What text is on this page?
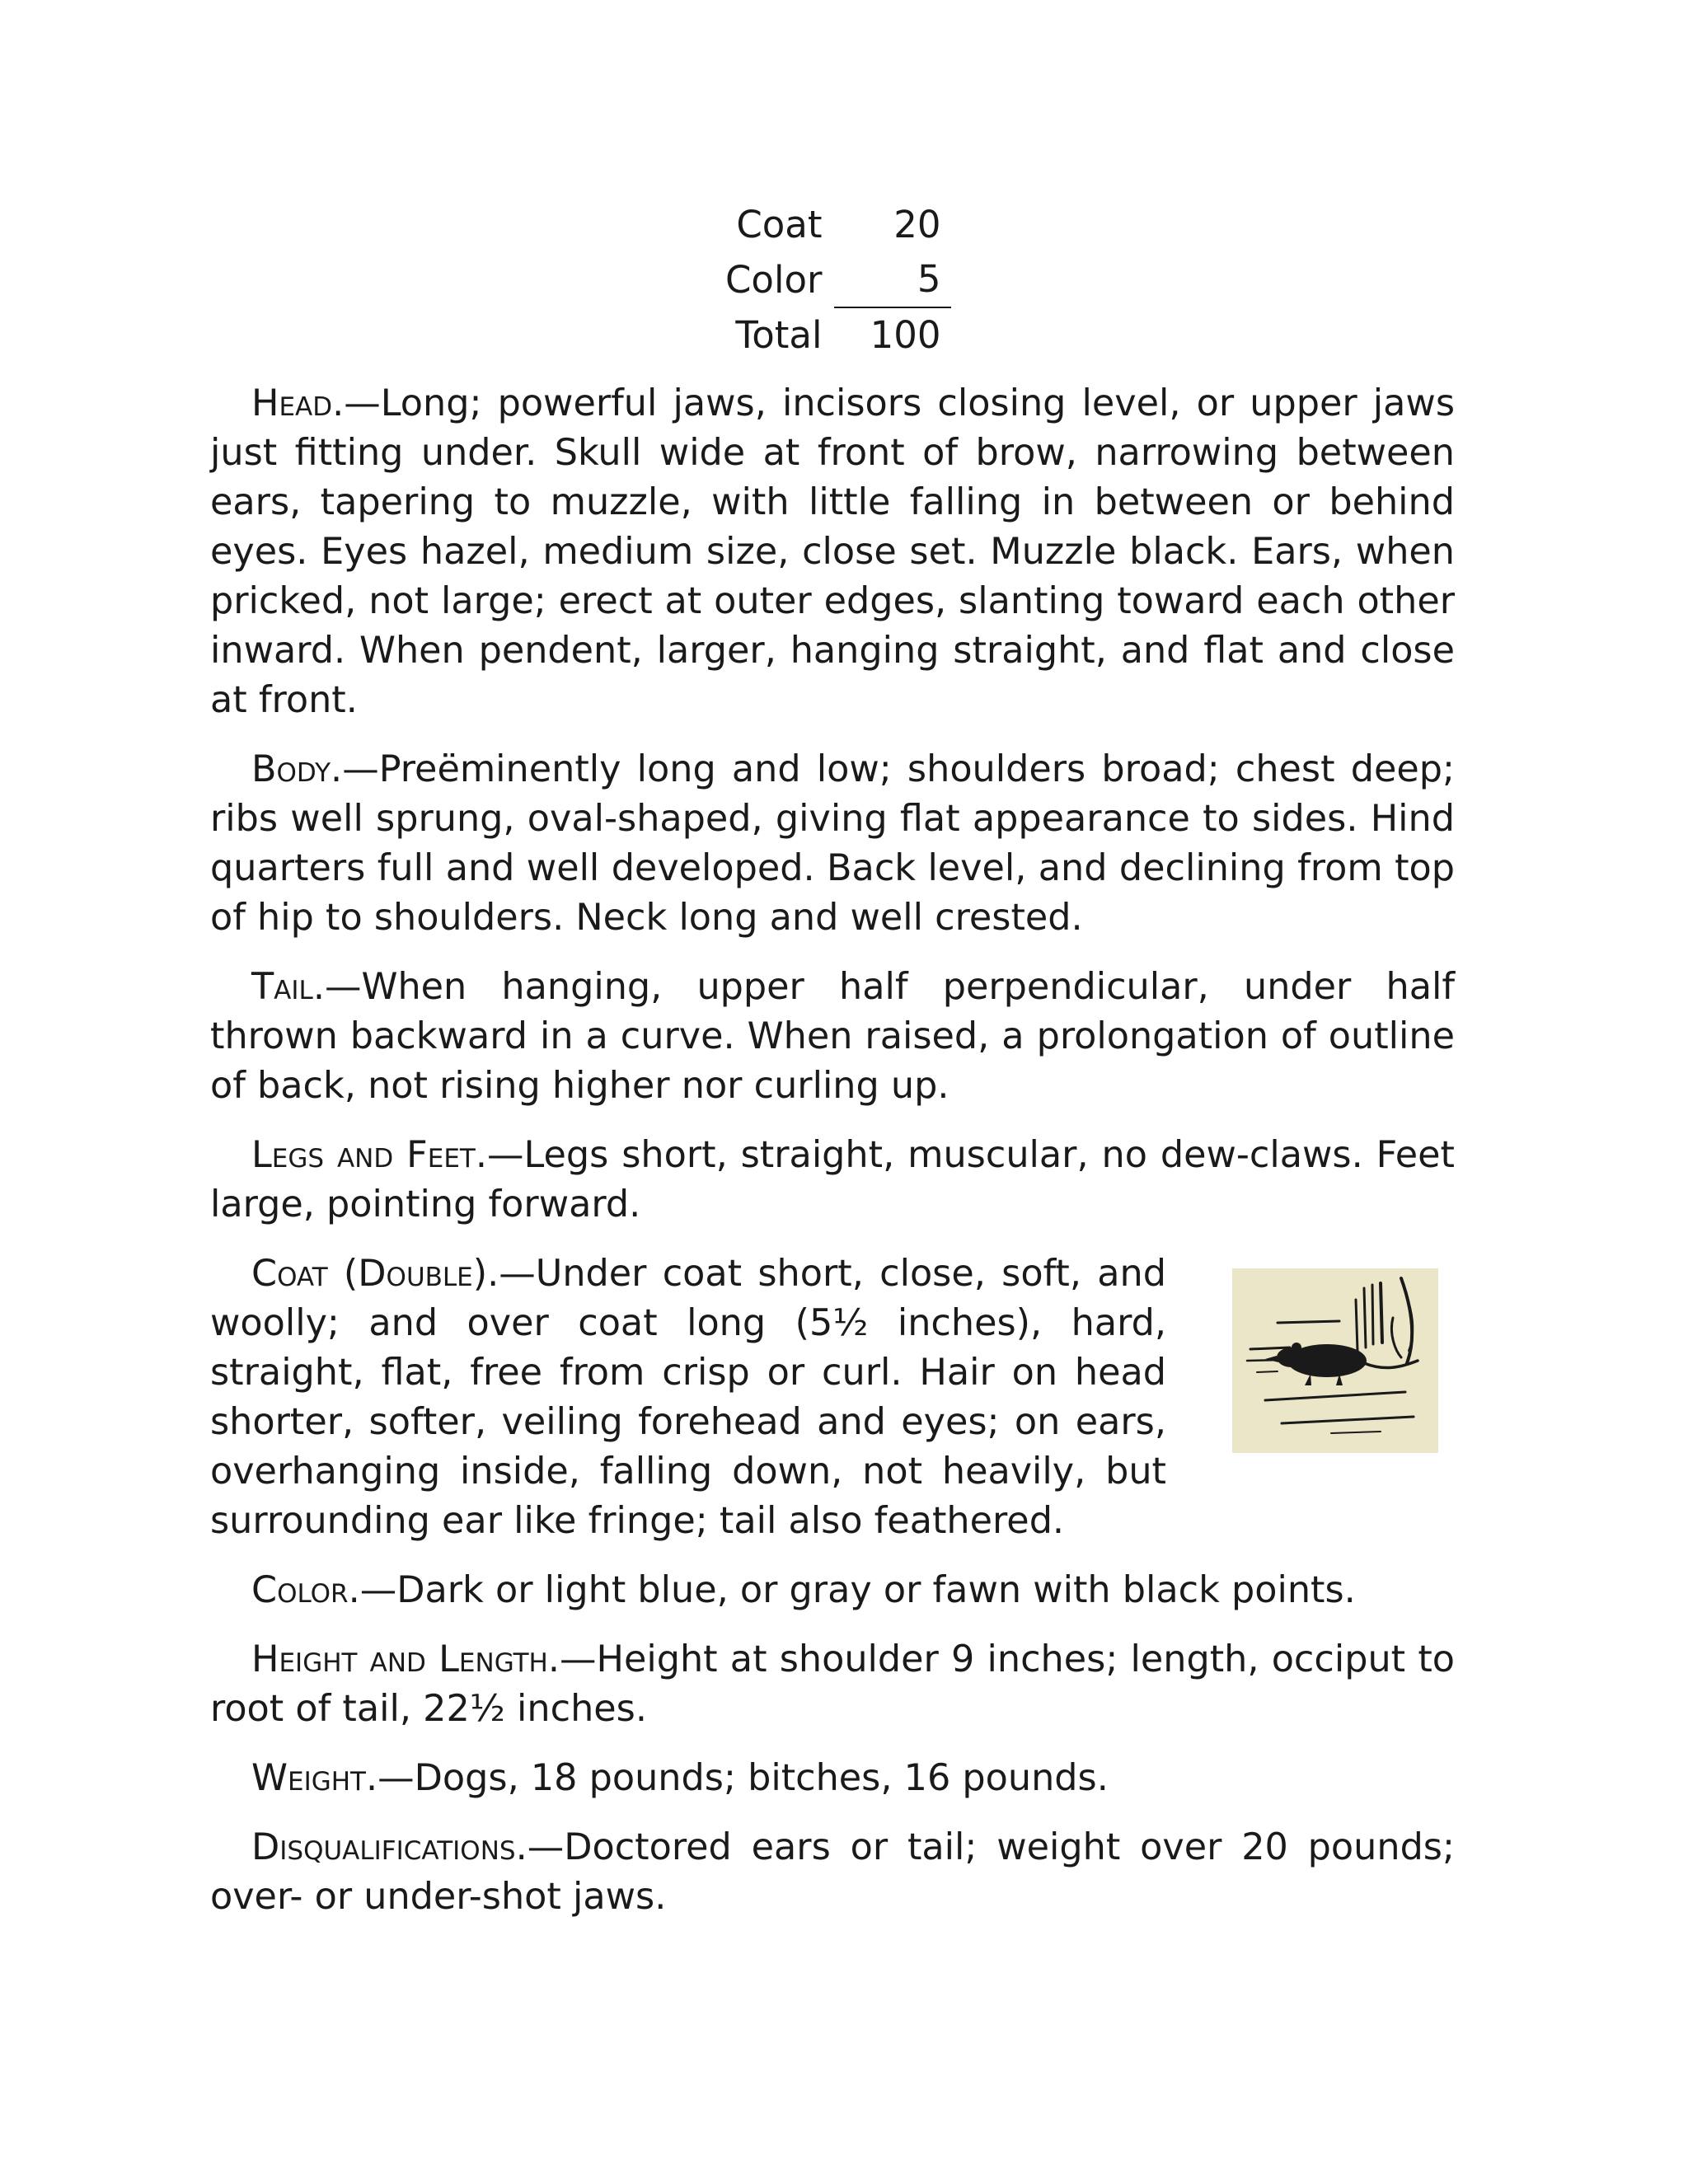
Coat	20
Color	5
Total	100

Head.—Long; powerful jaws, incisors closing level, or upper jaws just fitting under. Skull wide at front of brow, narrowing between ears, tapering to muzzle, with little falling in between or behind eyes. Eyes hazel, medium size, close set. Muzzle black. Ears, when pricked, not large; erect at outer edges, slanting toward each other inward. When pendent, larger, hanging straight, and flat and close at front.

Body.—Preëminently long and low; shoulders broad; chest deep; ribs well sprung, oval-shaped, giving flat appearance to sides. Hind quarters full and well developed. Back level, and declining from top of hip to shoulders. Neck long and well crested.

Tail.—When hanging, upper half perpendicular, under half thrown backward in a curve. When raised, a prolongation of outline of back, not rising higher nor curling up.

Legs and Feet.—Legs short, straight, muscular, no dew-claws. Feet large, pointing forward.

Coat (Double).—Under coat short, close, soft, and woolly; and over coat long (5½ inches), hard, straight, flat, free from crisp or curl. Hair on head shorter, softer, veiling forehead and eyes; on ears, overhanging inside, falling down, not heavily, but surrounding ear like fringe; tail also feathered.

Color.—Dark or light blue, or gray or fawn with black points.

Height and Length.—Height at shoulder 9 inches; length, occiput to root of tail, 22½ inches.

Weight.—Dogs, 18 pounds; bitches, 16 pounds.

Disqualifications.—Doctored ears or tail; weight over 20 pounds; over- or under-shot jaws.
